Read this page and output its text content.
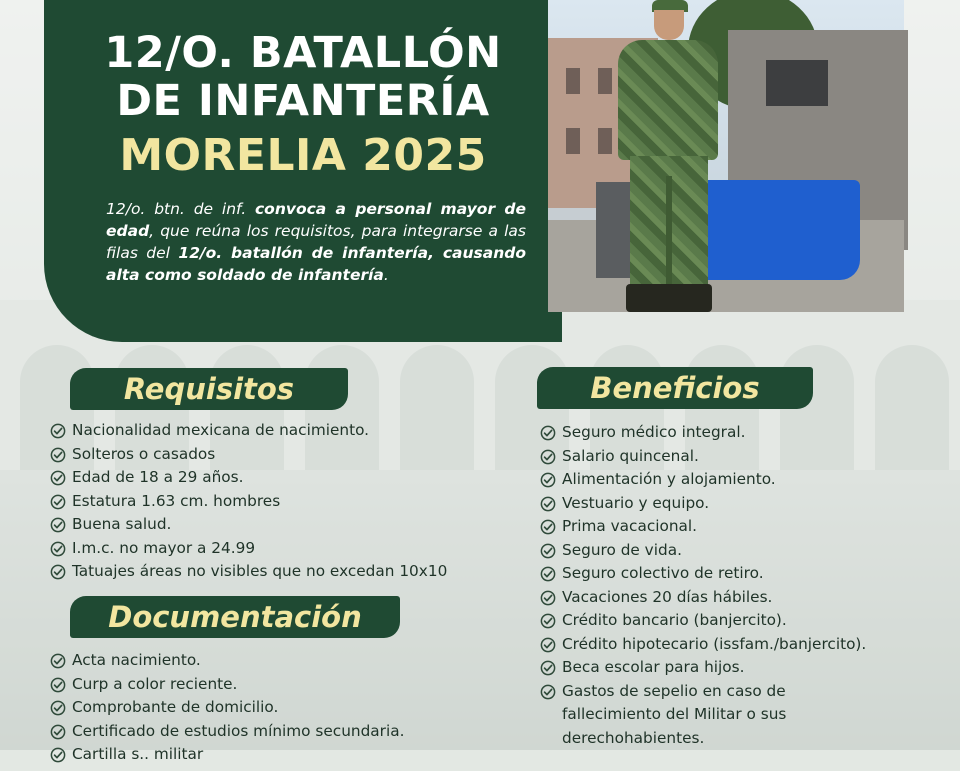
12/O. BATALLÓN
DE INFANTERÍA
MORELIA 2025

12/o. btn. de inf. convoca a personal mayor de edad, que reúna los requisitos, para integrarse a las filas del 12/o. batallón de infantería, causando alta como soldado de infantería.

Requisitos	Beneficios
Documentación
Nacionalidad mexicana de nacimiento.
Solteros o casados
Edad de 18 a 29 años.
Estatura 1.63 cm. hombres
Buena salud.
I.m.c. no mayor a 24.99
Tatuajes áreas no visibles que no excedan 10x10
Acta nacimiento.
Curp a color reciente.
Comprobante de domicilio.
Certificado de estudios mínimo secundaria.
Cartilla s.. militar
Seguro médico integral.
Salario quincenal.
Alimentación y alojamiento.
Vestuario y equipo.
Prima vacacional.
Seguro de vida.
Seguro colectivo de retiro.
Vacaciones 20 días hábiles.
Crédito bancario (banjercito).
Crédito hipotecario (issfam./banjercito).
Beca escolar para hijos.
Gastos de sepelio en caso de fallecimiento del Militar o sus derechohabientes.
